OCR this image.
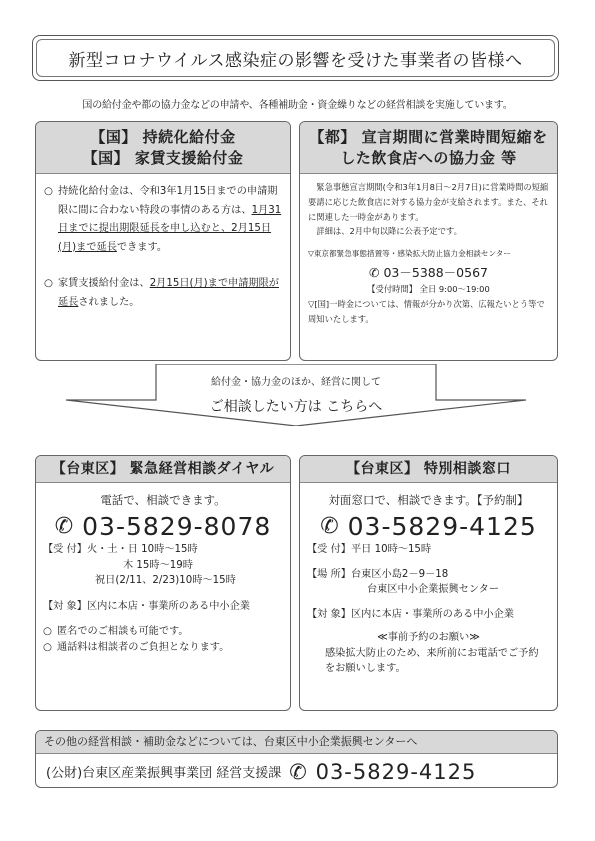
新型コロナウイルス感染症の影響を受けた事業者の皆様へ
国の給付金や都の協力金などの申請や、各種補助金・資金繰りなどの経営相談を実施しています。
【国】 持続化給付金
【国】 家賃支援給付金
○ 持続化給付金は、令和3年1月15日までの申請期限に間に合わない特段の事情のある方は、1月31日までに提出期限延長を申し込むと、2月15日(月)まで延長できます。
○ 家賃支援給付金は、2月15日(月)まで申請期限が延長されました。
【都】 宣言期間に営業時間短縮を
した飲食店への協力金 等
緊急事態宣言期間(令和3年1月8日～2月7日)に営業時間の短縮要請に応じた飲食店に対する協力金が支給されます。また、それに関連した一時金があります。
詳細は、2月中旬以降に公表予定です。
▽東京都緊急事態措置等・感染拡大防止協力金相談センター
✆ 03－5388－0567
【受付時間】 全日 9:00～19:00
▽[国]一時金については、情報が分かり次第、広報たいとう等で周知いたします。
給付金・協力金のほか、経営に関して
ご相談したい方は こちらへ
【台東区】 緊急経営相談ダイヤル
電話で、相談できます。
✆ 03-5829-8078
【受 付】 火・土・日 10時～15時
木 15時～19時
祝日(2/11、2/23)10時～15時
【対 象】 区内に本店・事業所のある中小企業
○ 匿名でのご相談も可能です。
○ 通話料は相談者のご負担となります。
【台東区】 特別相談窓口
対面窓口で、相談できます。【予約制】
✆ 03-5829-4125
【受 付】 平日 10時～15時
【場 所】 台東区小島2－9－18
台東区中小企業振興センター
【対 象】 区内に本店・事業所のある中小企業
≪事前予約のお願い≫
感染拡大防止のため、来所前にお電話でご予約をお願いします。
その他の経営相談・補助金などについては、台東区中小企業振興センターへ
(公財)台東区産業振興事業団 経営支援課 ✆ 03-5829-4125
